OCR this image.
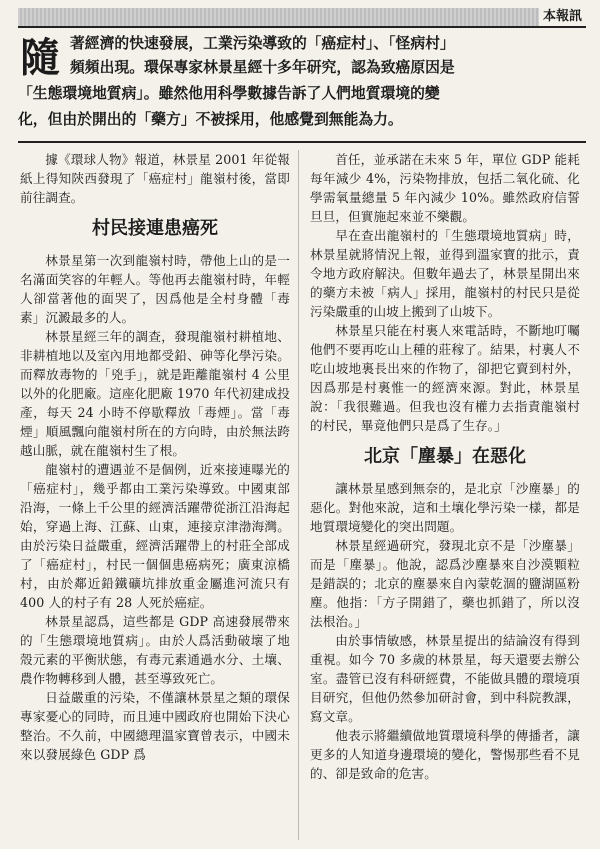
本報訊
隨 著經濟的快速發展，工業污染導致的「癌症村」、「怪病村」
頻頻出現。環保專家林景星經十多年研究，認為致癌原因是
「生態環境地質病」。雖然他用科學數據告訴了人們地質環境的變
化，但由於開出的「藥方」不被採用，他感覺到無能為力。

據《環球人物》報道，林景星 2001 年從報紙上得知陝西發現了「癌症村」龍嶺村後，當即前往調查。

村民接連患癌死

林景星第一次到龍嶺村時，帶他上山的是一名滿面笑容的年輕人。等他再去龍嶺村時，年輕人卻當著他的面哭了，因爲他是全村身體「毒素」沉澱最多的人。

林景星經三年的調查，發現龍嶺村耕植地、非耕植地以及室內用地都受鉛、砷等化學污染。而釋放毒物的「兇手」，就是距離龍嶺村 4 公里以外的化肥廠。這座化肥廠 1970 年代初建成投產，每天 24 小時不停歇釋放「毒煙」。當「毒煙」順風飄向龍嶺村所在的方向時，由於無法跨越山脈，就在龍嶺村生了根。

龍嶺村的遭遇並不是個例，近來接連曝光的「癌症村」，幾乎都由工業污染導致。中國東部沿海，一條上千公里的經濟活躍帶從浙江沿海起始，穿過上海、江蘇、山東，連接京津渤海灣。由於污染日益嚴重，經濟活躍帶上的村莊全部成了「癌症村」，村民一個個患癌病死；廣東涼橋村，由於鄰近鉛鐵礦坑排放重金屬進河流只有 400 人的村子有 28 人死於癌症。

林景星認爲，這些都是 GDP 高速發展帶來的「生態環境地質病」。由於人爲活動破壞了地殼元素的平衡狀態，有毒元素通過水分、土壤、農作物轉移到人體，甚至導致死亡。

日益嚴重的污染，不僅讓林景星之類的環保專家憂心的同時，而且連中國政府也開始下決心整治。不久前，中國總理溫家寶曾表示，中國未來以發展綠色 GDP 爲

首任，並承諾在未來 5 年，單位 GDP 能耗每年減少 4%，污染物排放，包括二氧化硫、化學需氧量總量 5 年內減少 10%。雖然政府信誓旦旦，但實施起來並不樂觀。

早在查出龍嶺村的「生態環境地質病」時，林景星就將情況上報，並得到溫家寶的批示，責令地方政府解決。但數年過去了，林景星開出來的藥方未被「病人」採用，龍嶺村的村民只是從污染嚴重的山坡上搬到了山坡下。

林景星只能在村裏人來電話時，不斷地叮囑他們不要再吃山上種的莊稼了。結果，村裏人不吃山坡地裏長出來的作物了，卻把它賣到村外，因爲那是村裏惟一的經濟來源。對此，林景星說：「我很難過。但我也沒有權力去指責龍嶺村的村民，畢竟他們只是爲了生存。」

北京「塵暴」在惡化

讓林景星感到無奈的，是北京「沙塵暴」的惡化。對他來說，這和土壤化學污染一樣，都是地質環境變化的突出問題。

林景星經過研究，發現北京不是「沙塵暴」而是「塵暴」。他說，認爲沙塵暴來自沙漠顆粒是錯誤的；北京的塵暴來自內蒙乾涸的鹽湖區粉塵。他指：「方子開錯了，藥也抓錯了，所以沒法根治。」

由於事情敏感，林景星提出的結論沒有得到重視。如今 70 多歲的林景星，每天還要去辦公室。盡管已沒有科研經費，不能做具體的環境項目研究，但他仍然參加研討會，到中科院教課，寫文章。

他表示將繼續做地質環境科學的傳播者，讓更多的人知道身邊環境的變化，警惕那些看不見的、卻是致命的危害。
